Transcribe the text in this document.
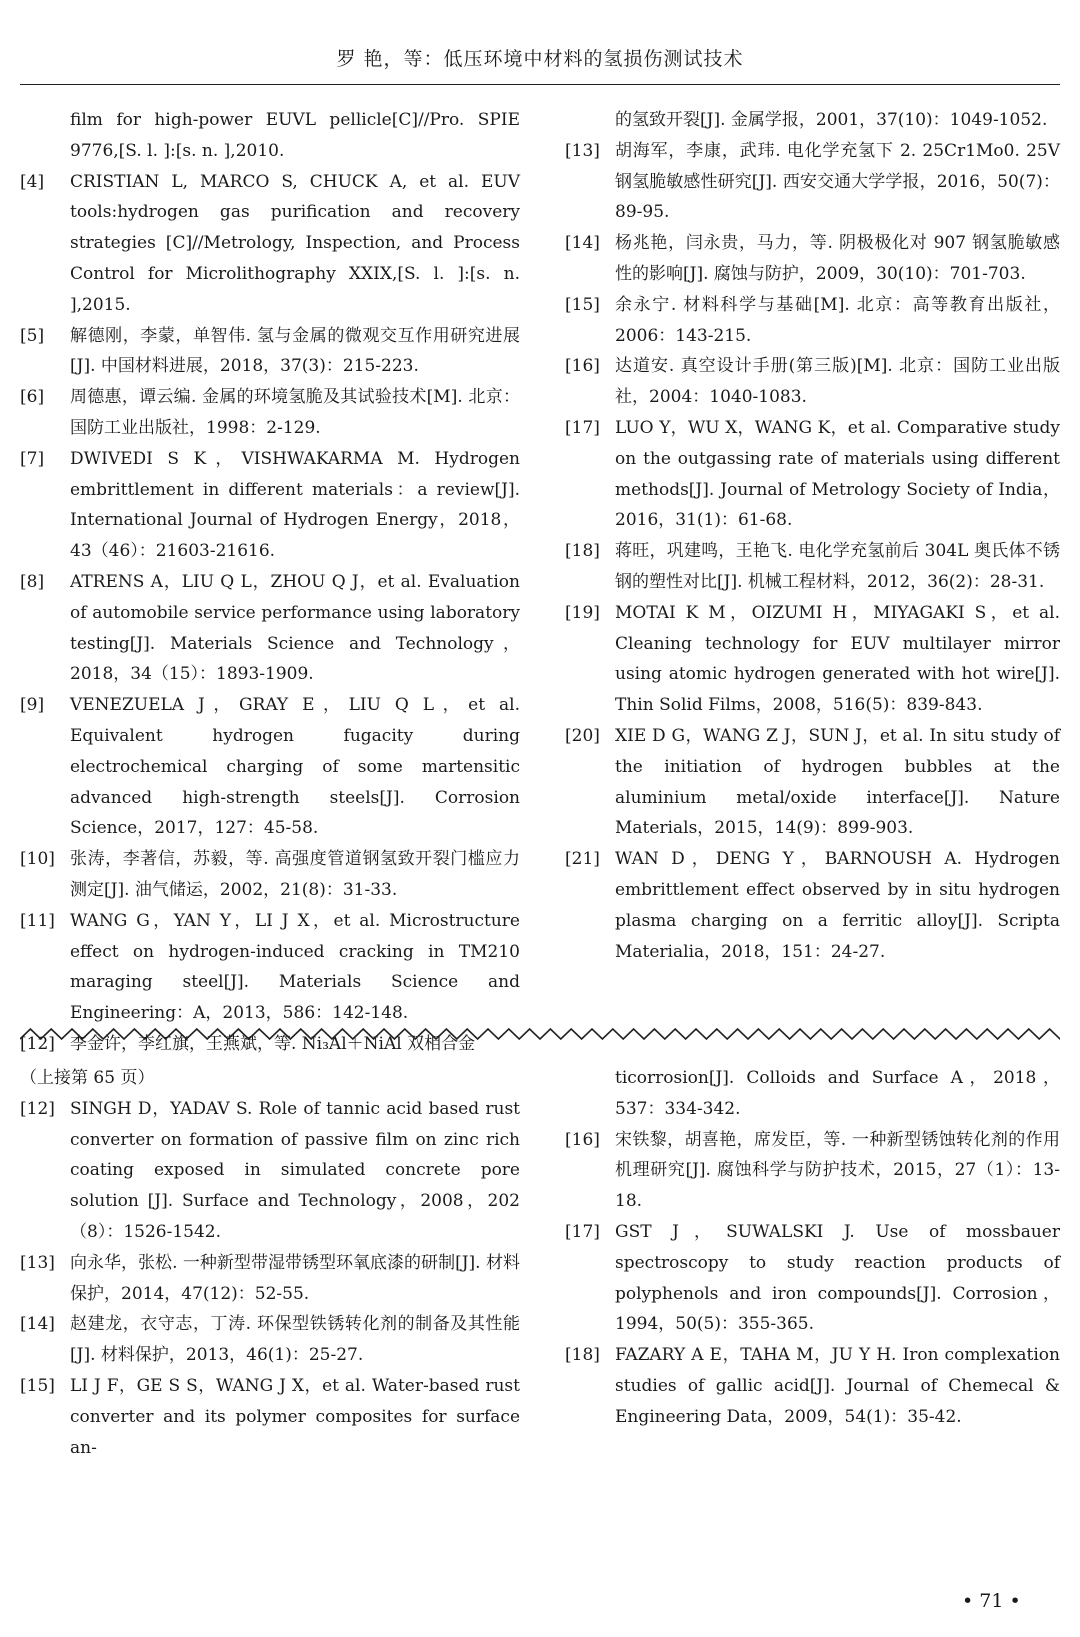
罗 艳，等：低压环境中材料的氢损伤测试技术
film for high-power EUVL pellicle[C]//Pro. SPIE 9776,[S. l. ]:[s. n. ],2010.
[4]	CRISTIAN L, MARCO S, CHUCK A, et al. EUV tools:hydrogen gas purification and recovery strategies [C]//Metrology, Inspection, and Process Control for Microlithography XXIX,[S. l. ]:[s. n. ],2015.
[5]	解德刚，李蒙，单智伟. 氢与金属的微观交互作用研究进展[J]. 中国材料进展，2018，37(3)：215-223.
[6]	周德惠，谭云编. 金属的环境氢脆及其试验技术[M]. 北京：国防工业出版社，1998：2-129.
[7]	DWIVEDI S K，VISHWAKARMA M. Hydrogen embrittlement in different materials：a review[J]. International Journal of Hydrogen Energy，2018，43（46）：21603-21616.
[8]	ATRENS A，LIU Q L，ZHOU Q J，et al. Evaluation of automobile service performance using laboratory testing[J]. Materials Science and Technology，2018，34（15）：1893-1909.
[9]	VENEZUELA J，GRAY E，LIU Q L，et al. Equivalent hydrogen fugacity during electrochemical charging of some martensitic advanced high-strength steels[J]. Corrosion Science，2017，127：45-58.
[10] 张涛，李著信，苏毅，等. 高强度管道钢氢致开裂门槛应力测定[J]. 油气储运，2002，21(8)：31-33.
[11] WANG G，YAN Y，LI J X，et al. Microstructure effect on hydrogen-induced cracking in TM210 maraging steel[J]. Materials Science and Engineering：A，2013，586：142-148.
[12] 李金许，李红旗，王燕斌，等. Ni₃Al＋NiAl 双相合金
的氢致开裂[J]. 金属学报，2001，37(10)：1049-1052.
[13] 胡海军，李康，武玮. 电化学充氢下 2. 25Cr1Mo0. 25V 钢氢脆敏感性研究[J]. 西安交通大学学报，2016，50(7)：89-95.
[14] 杨兆艳，闫永贵，马力，等. 阴极极化对 907 钢氢脆敏感性的影响[J]. 腐蚀与防护，2009，30(10)：701-703.
[15] 余永宁. 材料科学与基础[M]. 北京：高等教育出版社，2006：143-215.
[16] 达道安. 真空设计手册(第三版)[M]. 北京：国防工业出版社，2004：1040-1083.
[17] LUO Y，WU X，WANG K，et al. Comparative study on the outgassing rate of materials using different methods[J]. Journal of Metrology Society of India，2016，31(1)：61-68.
[18] 蒋旺，巩建鸣，王艳飞. 电化学充氢前后 304L 奥氏体不锈钢的塑性对比[J]. 机械工程材料，2012，36(2)：28-31.
[19] MOTAI K M，OIZUMI H，MIYAGAKI S，et al. Cleaning technology for EUV multilayer mirror using atomic hydrogen generated with hot wire[J]. Thin Solid Films，2008，516(5)：839-843.
[20] XIE D G，WANG Z J，SUN J，et al. In situ study of the initiation of hydrogen bubbles at the aluminium metal/oxide interface[J]. Nature Materials，2015，14(9)：899-903.
[21] WAN D，DENG Y，BARNOUSH A. Hydrogen embrittlement effect observed by in situ hydrogen plasma charging on a ferritic alloy[J]. Scripta Materialia，2018，151：24-27.
（上接第 65 页）
[12] SINGH D，YADAV S. Role of tannic acid based rust converter on formation of passive film on zinc rich coating exposed in simulated concrete pore solution [J]. Surface and Technology，2008，202（8）：1526-1542.
[13] 向永华，张松. 一种新型带湿带锈型环氧底漆的研制[J]. 材料保护，2014，47(12)：52-55.
[14] 赵建龙，衣守志，丁涛. 环保型铁锈转化剂的制备及其性能[J]. 材料保护，2013，46(1)：25-27.
[15] LI J F，GE S S，WANG J X，et al. Water-based rust converter and its polymer composites for surface an-
ticorrosion[J]. Colloids and Surface A，2018，537：334-342.
[16] 宋铁黎，胡喜艳，席发臣，等. 一种新型锈蚀转化剂的作用机理研究[J]. 腐蚀科学与防护技术，2015，27（1）：13-18.
[17] GST J，SUWALSKI J. Use of mossbauer spectroscopy to study reaction products of polyphenols and iron compounds[J]. Corrosion，1994，50(5)：355-365.
[18] FAZARY A E，TAHA M，JU Y H. Iron complexation studies of gallic acid[J]. Journal of Chemecal & Engineering Data，2009，54(1)：35-42.
• 71 •
